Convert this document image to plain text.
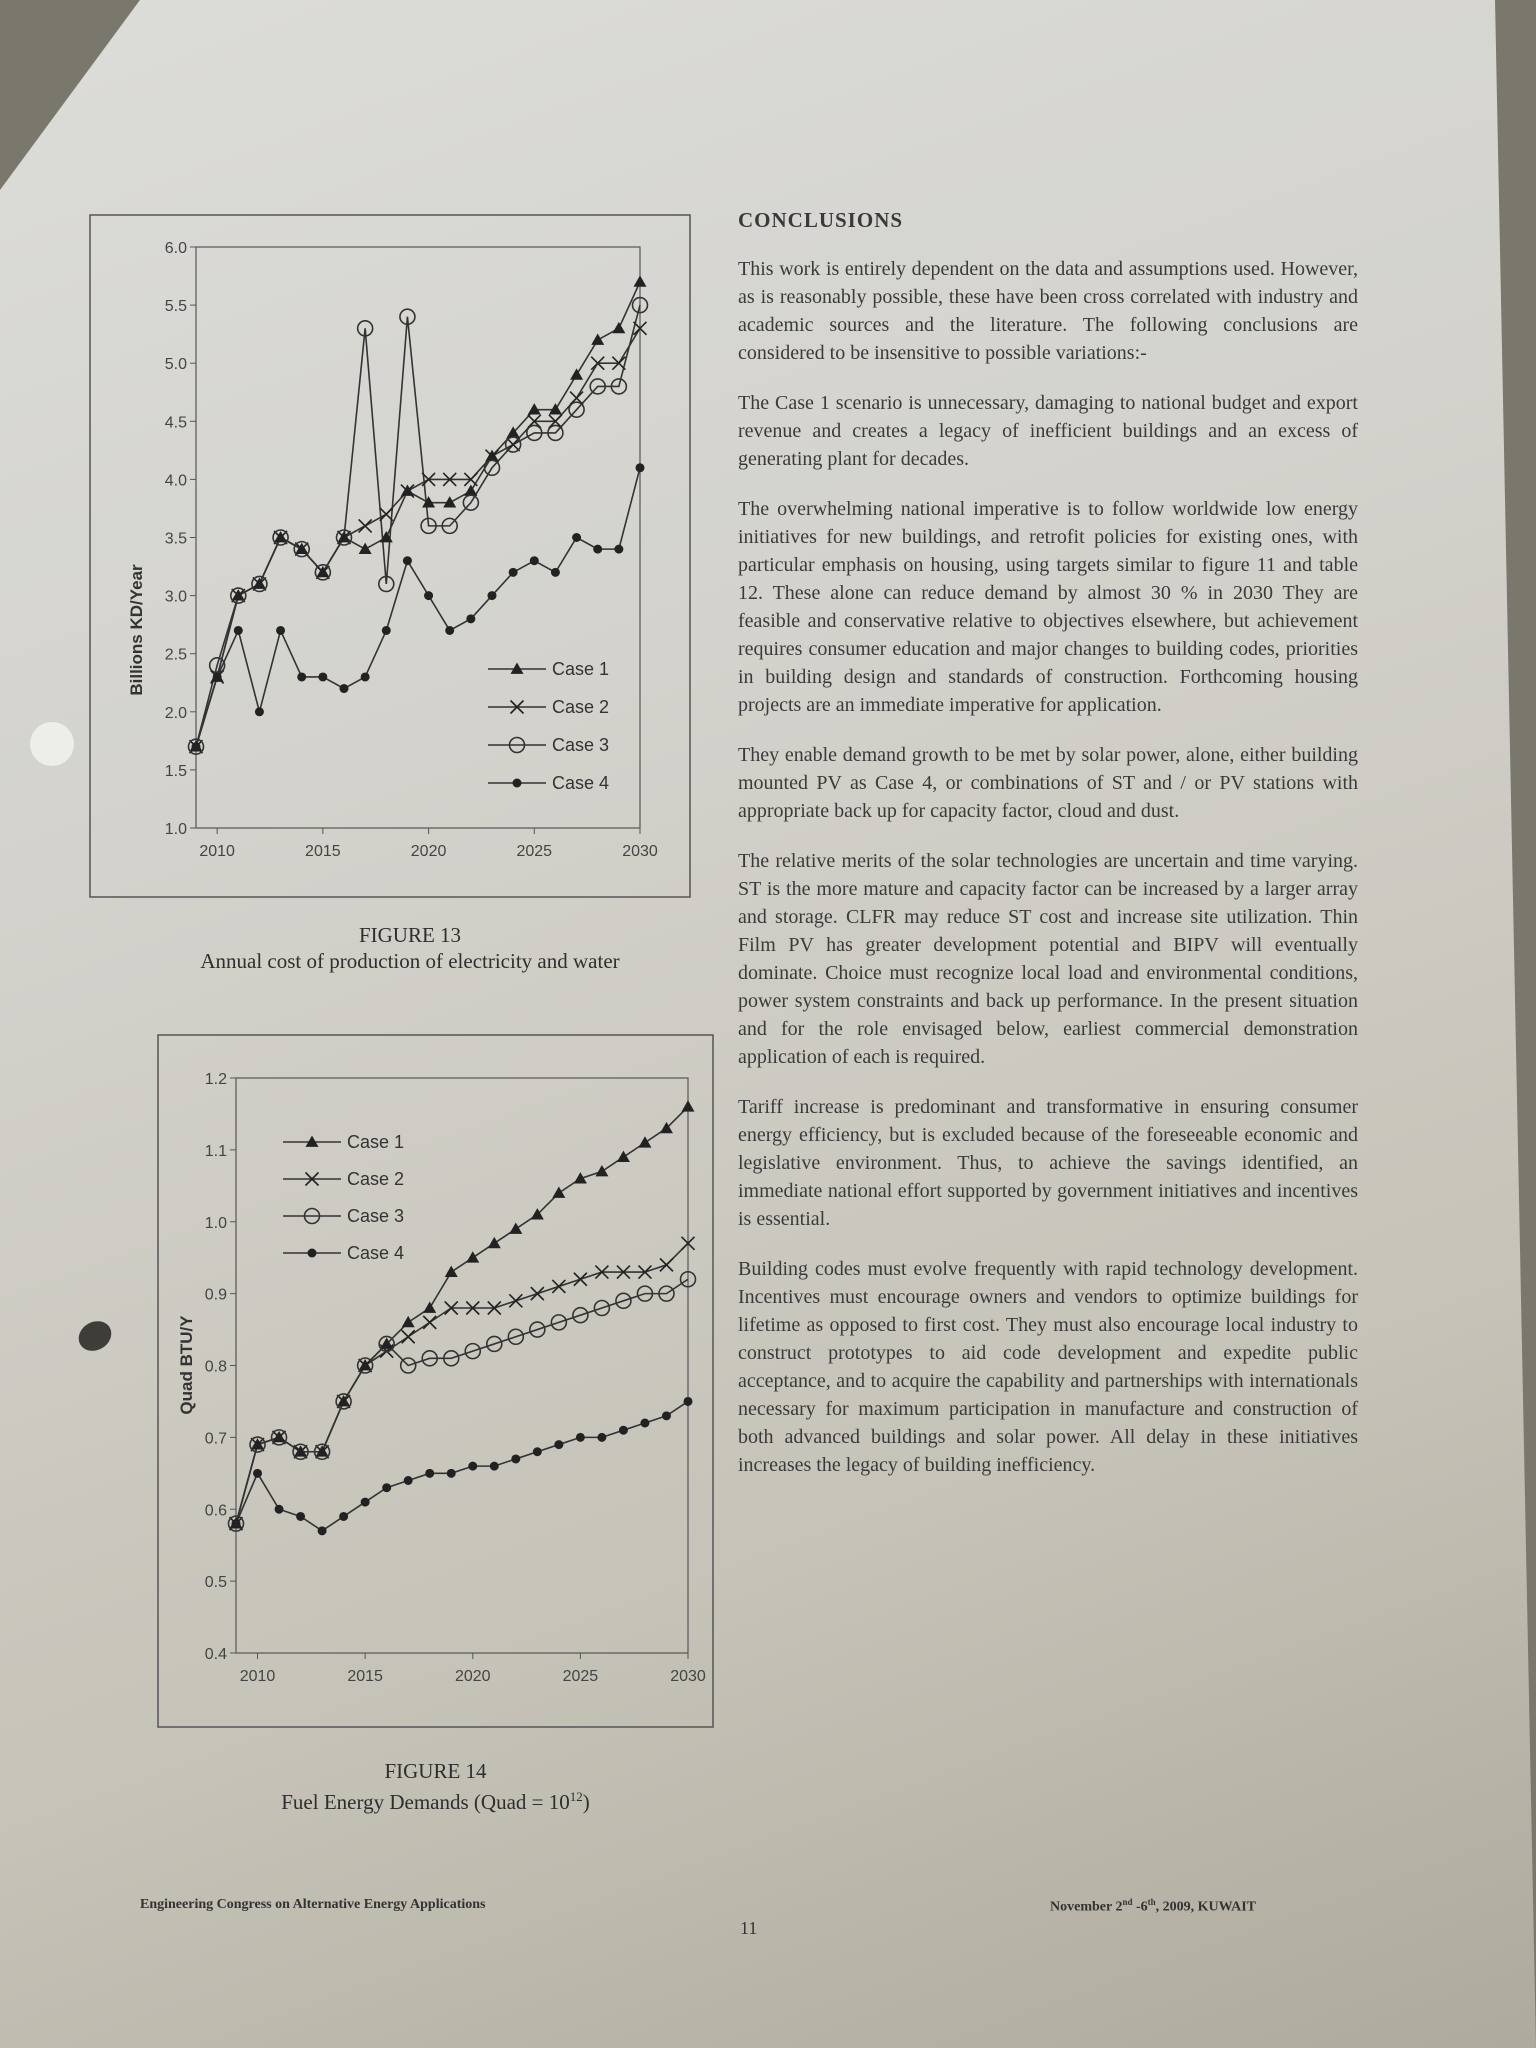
Billions KD/Year
1.0
1.5
2.0
2.5
3.0
3.5
4.0
4.5
5.0
5.5
6.0
2010	2015	2020	2025	2030
Case 1
Case 2
Case 3
Case 4
FIGURE 13
Annual cost of production of electricity and water
Quad BTU/Y
0.4
0.5
0.6
0.7
0.8
0.9
1.0
1.1
1.2
2010	2015	2020	2025	2030
Case 1
Case 2
Case 3
Case 4
FIGURE 14
Fuel Energy Demands (Quad = $10^{12}$)
CONCLUSIONS

This work is entirely dependent on the data and assumptions used. However, as is reasonably possible, these have been cross correlated with industry and academic sources and the literature. The following conclusions are considered to be insensitive to possible variations:-

The Case 1 scenario is unnecessary, damaging to national budget and export revenue and creates a legacy of inefficient buildings and an excess of generating plant for decades.

The overwhelming national imperative is to follow worldwide low energy initiatives for new buildings, and retrofit policies for existing ones, with particular emphasis on housing, using targets similar to figure 11 and table 12. These alone can reduce demand by almost 30 % in 2030 They are feasible and conservative relative to objectives elsewhere, but achievement requires consumer education and major changes to building codes, priorities in building design and standards of construction. Forthcoming housing projects are an immediate imperative for application.

They enable demand growth to be met by solar power, alone, either building mounted PV as Case 4, or combinations of ST and / or PV stations with appropriate back up for capacity factor, cloud and dust.

The relative merits of the solar technologies are uncertain and time varying. ST is the more mature and capacity factor can be increased by a larger array and storage. CLFR may reduce ST cost and increase site utilization. Thin Film PV has greater development potential and BIPV will eventually dominate. Choice must recognize local load and environmental conditions, power system constraints and back up performance. In the present situation and for the role envisaged below, earliest commercial demonstration application of each is required.

Tariff increase is predominant and transformative in ensuring consumer energy efficiency, but is excluded because of the foreseeable economic and legislative environment. Thus, to achieve the savings identified, an immediate national effort supported by government initiatives and incentives is essential.

Building codes must evolve frequently with rapid technology development. Incentives must encourage owners and vendors to optimize buildings for lifetime as opposed to first cost. They must also encourage local industry to construct prototypes to aid code development and expedite public acceptance, and to acquire the capability and partnerships with internationals necessary for maximum participation in manufacture and construction of both advanced buildings and solar power. All delay in these initiatives increases the legacy of building inefficiency.

Engineering Congress on Alternative Energy Applications
11
November 2nd -6th, 2009, KUWAIT
